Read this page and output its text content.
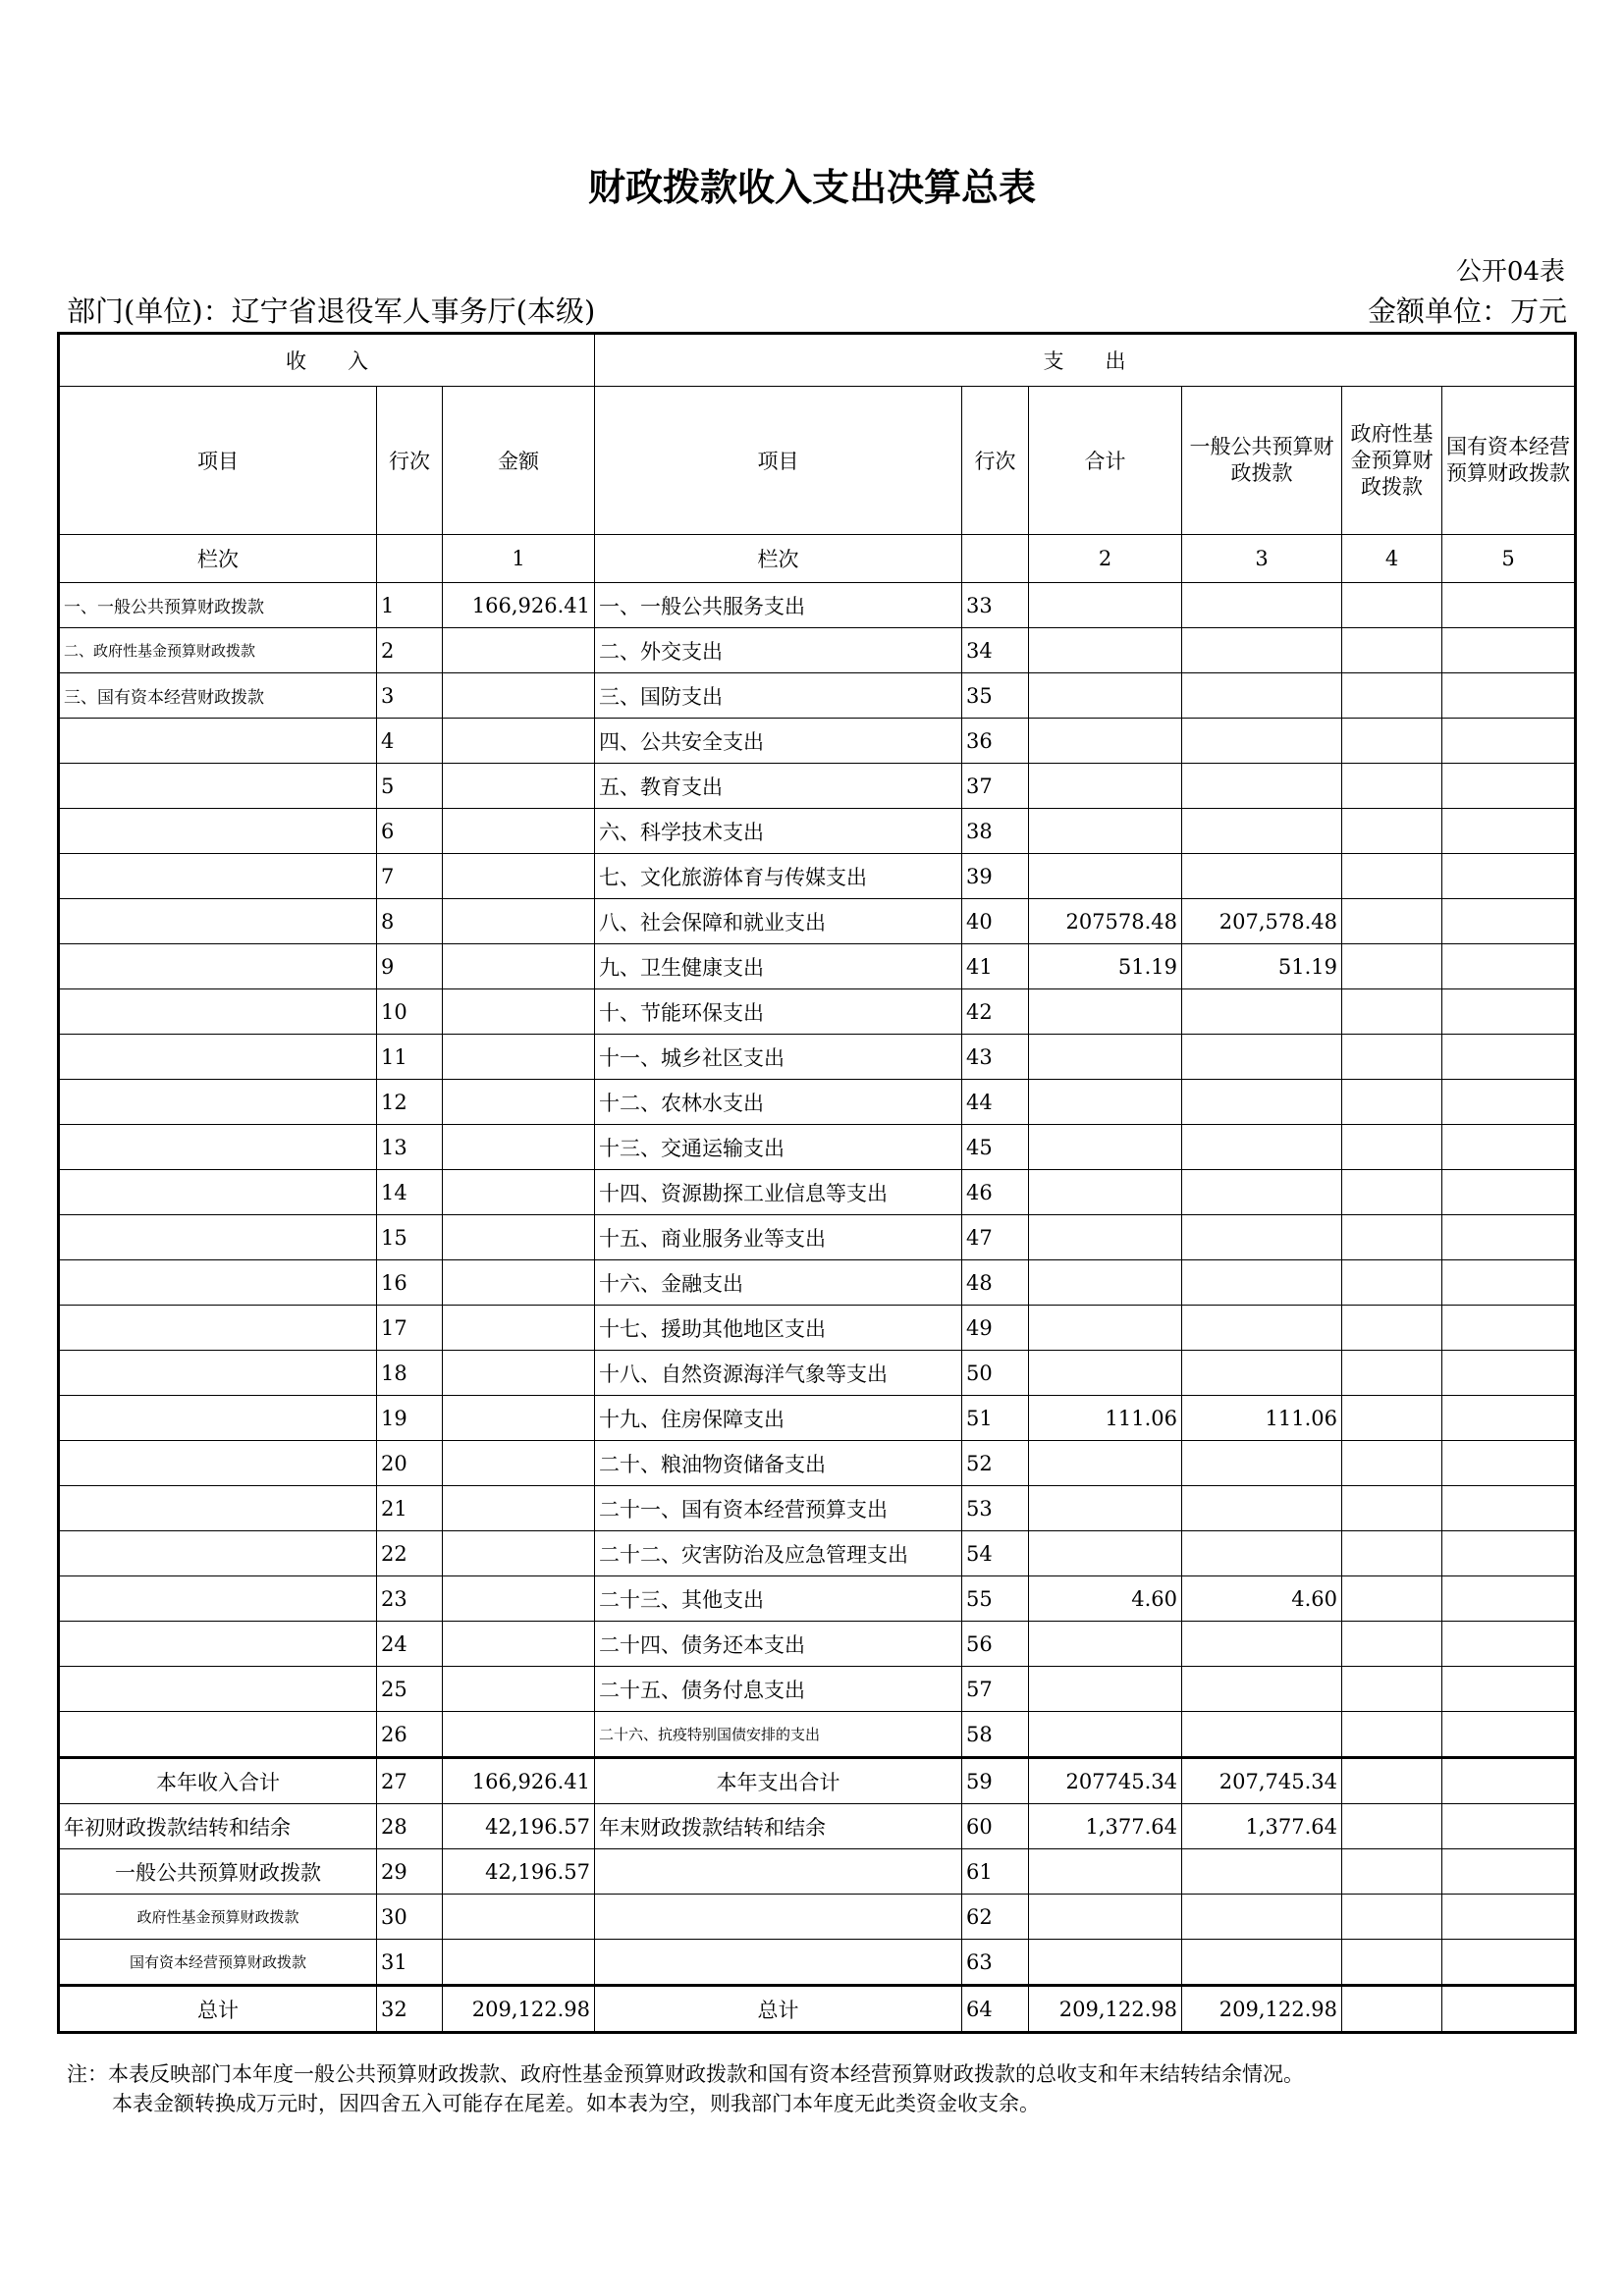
财政拨款收入支出决算总表
公开04表
部门(单位)：辽宁省退役军人事务厅(本级)	金额单位：万元
收　　入			支　　出					
项目	行次	金额	项目	行次	合计	一般公共预算财政拨款	政府性基金预算财政拨款	国有资本经营预算财政拨款
栏次		1	栏次		2	3	4	5
一、一般公共预算财政拨款	1	166,926.41	一、一般公共服务支出	33				
二、政府性基金预算财政拨款	2		二、外交支出	34				
三、国有资本经营财政拨款	3		三、国防支出	35				
	4		四、公共安全支出	36				
	5		五、教育支出	37				
	6		六、科学技术支出	38				
	7		七、文化旅游体育与传媒支出	39				
	8		八、社会保障和就业支出	40	207578.48	207,578.48		
	9		九、卫生健康支出	41	51.19	51.19		
	10		十、节能环保支出	42				
	11		十一、城乡社区支出	43				
	12		十二、农林水支出	44				
	13		十三、交通运输支出	45				
	14		十四、资源勘探工业信息等支出	46				
	15		十五、商业服务业等支出	47				
	16		十六、金融支出	48				
	17		十七、援助其他地区支出	49				
	18		十八、自然资源海洋气象等支出	50				
	19		十九、住房保障支出	51	111.06	111.06		
	20		二十、粮油物资储备支出	52				
	21		二十一、国有资本经营预算支出	53				
	22		二十二、灾害防治及应急管理支出	54				
	23		二十三、其他支出	55	4.60	4.60		
	24		二十四、债务还本支出	56				
	25		二十五、债务付息支出	57				
	26		二十六、抗疫特别国债安排的支出	58				
本年收入合计	27	166,926.41	本年支出合计	59	207745.34	207,745.34		
年初财政拨款结转和结余	28	42,196.57	年末财政拨款结转和结余	60	1,377.64	1,377.64		
一般公共预算财政拨款	29	42,196.57		61				
政府性基金预算财政拨款	30			62				
国有资本经营预算财政拨款	31			63				
总计	32	209,122.98	总计	64	209,122.98	209,122.98		
注：本表反映部门本年度一般公共预算财政拨款、政府性基金预算财政拨款和国有资本经营预算财政拨款的总收支和年末结转结余情况。
本表金额转换成万元时，因四舍五入可能存在尾差。如本表为空，则我部门本年度无此类资金收支余。
